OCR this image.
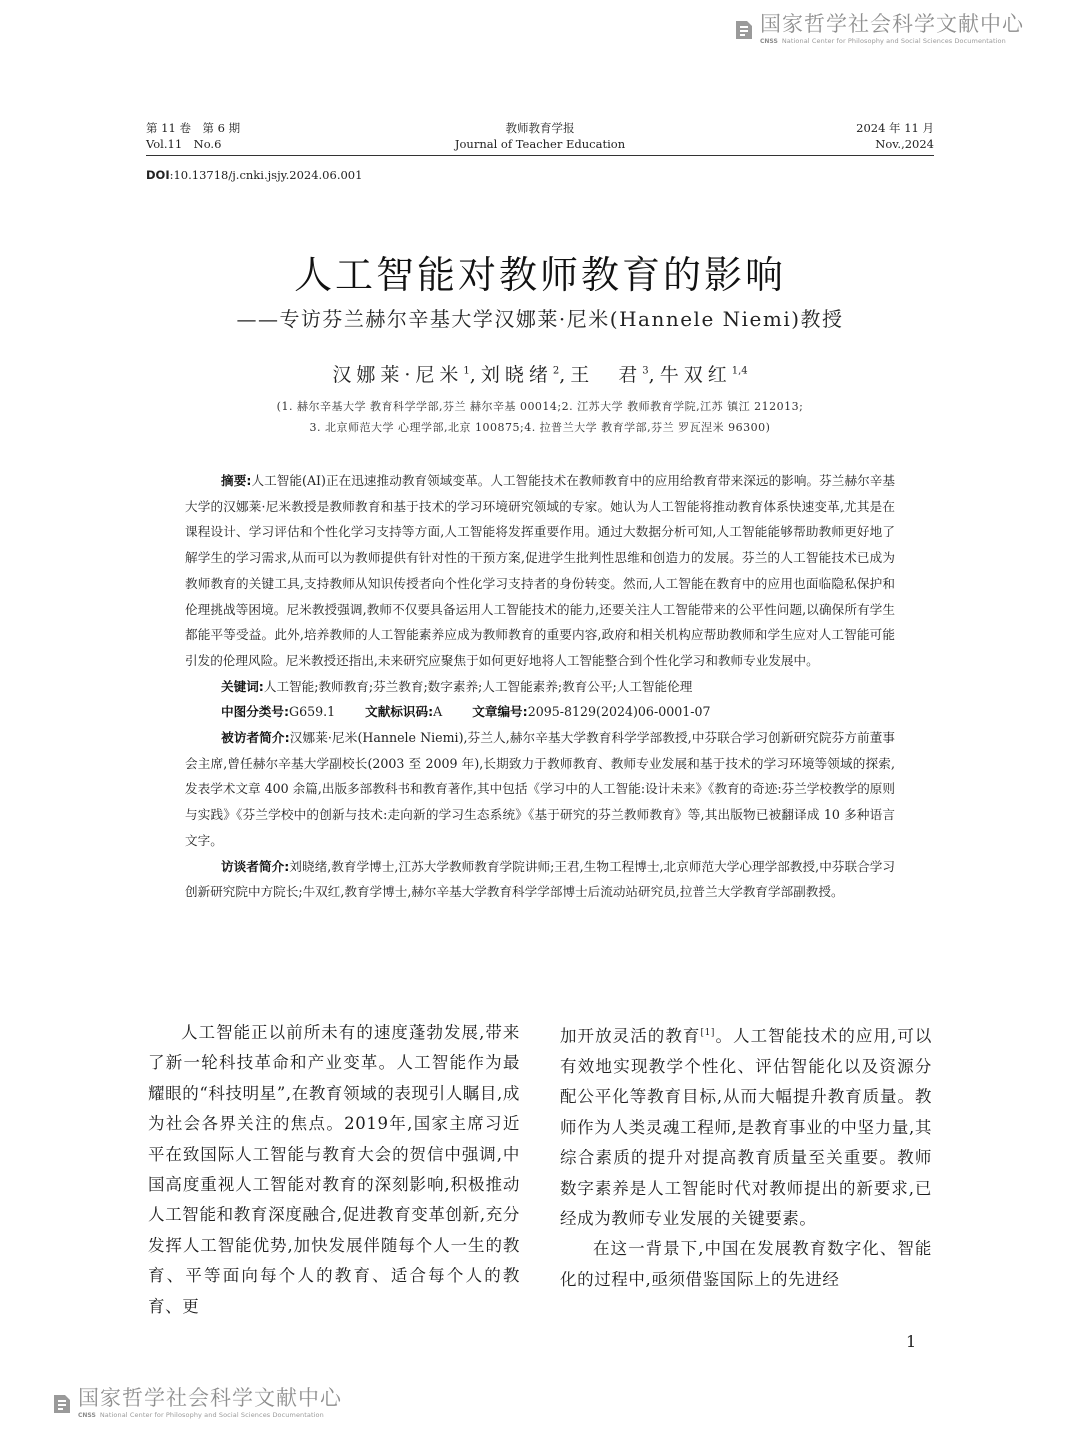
国家哲学社会科学文献中心
CNSS National Center for Philosophy and Social Sciences Documentation
第 11 卷　第 6 期
Vol.11　No.6
教师教育学报
Journal of Teacher Education
2024 年 11 月
Nov.,2024
DOI:10.13718/j.cnki.jsjy.2024.06.001
人工智能对教师教育的影响
——专访芬兰赫尔辛基大学汉娜莱·尼米(Hannele Niemi)教授
汉娜莱·尼米$^1$,刘晓绪$^2$,王　君$^3$,牛双红$^{1,4}$
(1. 赫尔辛基大学 教育科学学部,芬兰 赫尔辛基 00014;2. 江苏大学 教师教育学院,江苏 镇江 212013;
3. 北京师范大学 心理学部,北京 100875;4. 拉普兰大学 教育学部,芬兰 罗瓦涅米 96300)
摘要:人工智能(AI)正在迅速推动教育领域变革。人工智能技术在教师教育中的应用给教育带来深远的影响。芬兰赫尔辛基大学的汉娜莱·尼米教授是教师教育和基于技术的学习环境研究领域的专家。她认为人工智能将推动教育体系快速变革,尤其是在课程设计、学习评估和个性化学习支持等方面,人工智能将发挥重要作用。通过大数据分析可知,人工智能能够帮助教师更好地了解学生的学习需求,从而可以为教师提供有针对性的干预方案,促进学生批判性思维和创造力的发展。芬兰的人工智能技术已成为教师教育的关键工具,支持教师从知识传授者向个性化学习支持者的身份转变。然而,人工智能在教育中的应用也面临隐私保护和伦理挑战等困境。尼米教授强调,教师不仅要具备运用人工智能技术的能力,还要关注人工智能带来的公平性问题,以确保所有学生都能平等受益。此外,培养教师的人工智能素养应成为教师教育的重要内容,政府和相关机构应帮助教师和学生应对人工智能可能引发的伦理风险。尼米教授还指出,未来研究应聚焦于如何更好地将人工智能整合到个性化学习和教师专业发展中。
关键词:人工智能;教师教育;芬兰教育;数字素养;人工智能素养;教育公平;人工智能伦理
中图分类号:G659.1 文献标识码:A 文章编号:2095-8129(2024)06-0001-07
被访者简介:汉娜莱·尼米(Hannele Niemi),芬兰人,赫尔辛基大学教育科学学部教授,中芬联合学习创新研究院芬方前董事会主席,曾任赫尔辛基大学副校长(2003 至 2009 年),长期致力于教师教育、教师专业发展和基于技术的学习环境等领域的探索,发表学术文章 400 余篇,出版多部教科书和教育著作,其中包括《学习中的人工智能:设计未来》《教育的奇迹:芬兰学校教学的原则与实践》《芬兰学校中的创新与技术:走向新的学习生态系统》《基于研究的芬兰教师教育》等,其出版物已被翻译成 10 多种语言文字。
访谈者简介:刘晓绪,教育学博士,江苏大学教师教育学院讲师;王君,生物工程博士,北京师范大学心理学部教授,中芬联合学习创新研究院中方院长;牛双红,教育学博士,赫尔辛基大学教育科学学部博士后流动站研究员,拉普兰大学教育学部副教授。

人工智能正以前所未有的速度蓬勃发展,带来了新一轮科技革命和产业变革。人工智能作为最耀眼的“科技明星”,在教育领域的表现引人瞩目,成为社会各界关注的焦点。2019年,国家主席习近平在致国际人工智能与教育大会的贺信中强调,中国高度重视人工智能对教育的深刻影响,积极推动人工智能和教育深度融合,促进教育变革创新,充分发挥人工智能优势,加快发展伴随每个人一生的教育、平等面向每个人的教育、适合每个人的教育、更

加开放灵活的教育[1]。人工智能技术的应用,可以有效地实现教学个性化、评估智能化以及资源分配公平化等教育目标,从而大幅提升教育质量。教师作为人类灵魂工程师,是教育事业的中坚力量,其综合素质的提升对提高教育质量至关重要。教师数字素养是人工智能时代对教师提出的新要求,已经成为教师专业发展的关键要素。

在这一背景下,中国在发展教育数字化、智能化的过程中,亟须借鉴国际上的先进经

1
国家哲学社会科学文献中心
CNSS National Center for Philosophy and Social Sciences Documentation
